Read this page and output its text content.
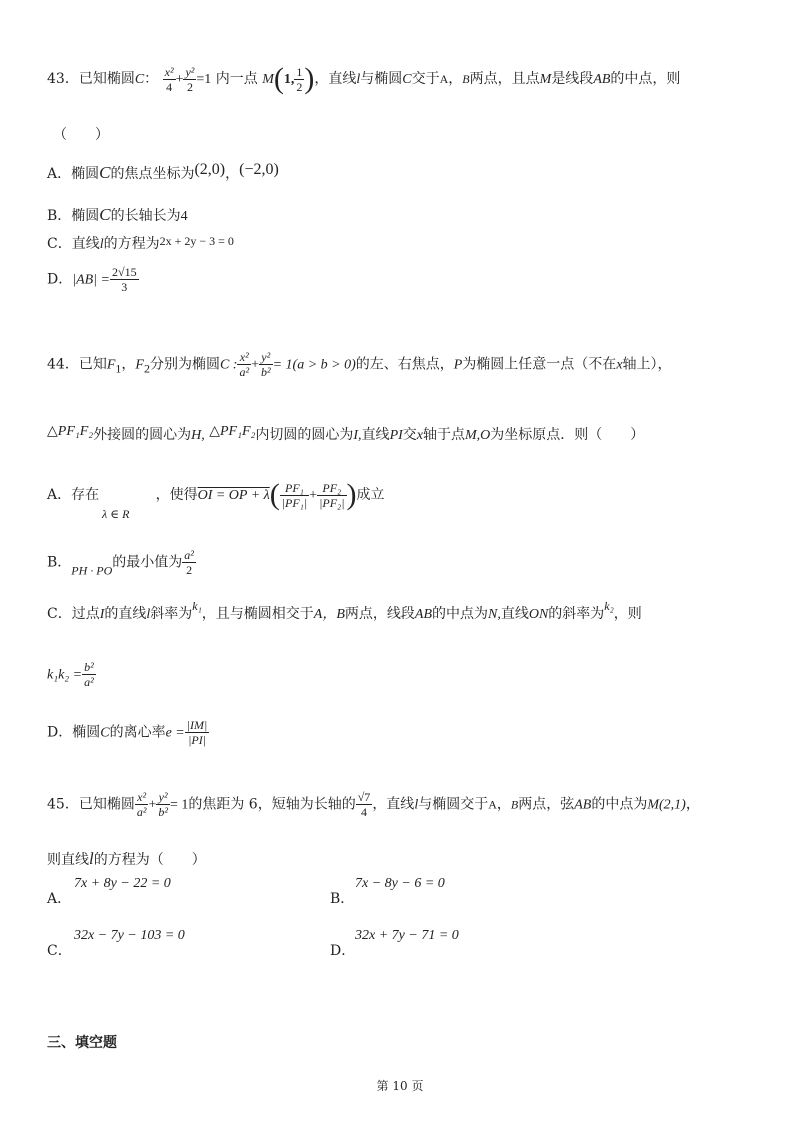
43．已知椭圆C： $\frac{\text{x²}}{4} + \frac{\text{y²}}{2} =1$ 内一点 M(1, $\frac{1}{2}$ )，直线l与椭圆C交于A，B两点，且点M是线段AB的中点，则
（　　）
A．椭圆C的焦点坐标为(2,0)，(−2,0)
B．椭圆C的长轴长为4
C．直线l的方程为2x + 2y − 3 = 0
D．$|AB| = \frac{2√15}{3}$
44．已知$F_1$，$F_2$分别为椭圆C : $\frac{\text{x²}}{\text{a²}} + \frac{\text{y²}}{\text{b²}} = 1(a > b > 0)$的左、右焦点，P为椭圆上任意一点（不在x轴上），
△PF₁F₂外接圆的圆心为H, △PF₁F₂内切圆的圆心为I,直线PI交x轴于点M,O为坐标原点．则（　　）
A．存在
λ ∈ R
，使得OI = OP + $\lambda( \frac{\text{PF₁}}{\text{|PF₁|}} + \frac{\text{PF₂}}{\text{|PF₂|}}$ )成立
B．PH · PO的最小值为 $\frac{\text{a²}}{2}$
C．过点I的直线l斜率为k₁，且与椭圆相交于A，B两点，线段AB的中点为N,直线ON的斜率为k₂，则
$k_1k_2 = \frac{\text{b²}}{\text{a²}}$
D．椭圆C的离心率$e = \frac{|IM|}{|PI|}$
45．已知椭圆 $\frac{\text{x²}}{\text{a²}} + \frac{\text{y²}}{\text{b²}} = 1$的焦距为 6，短轴为长轴的 $\frac{√7}{4}$ ，直线l与椭圆交于A，B两点，弦AB的中点为M(2,1)，
则直线l的方程为（　　）
A．
7x + 8y − 22 = 0
B．
7x − 8y − 6 = 0
C．
32x − 7y − 103 = 0
D．
32x + 7y − 71 = 0
三、填空题
第 10 页
